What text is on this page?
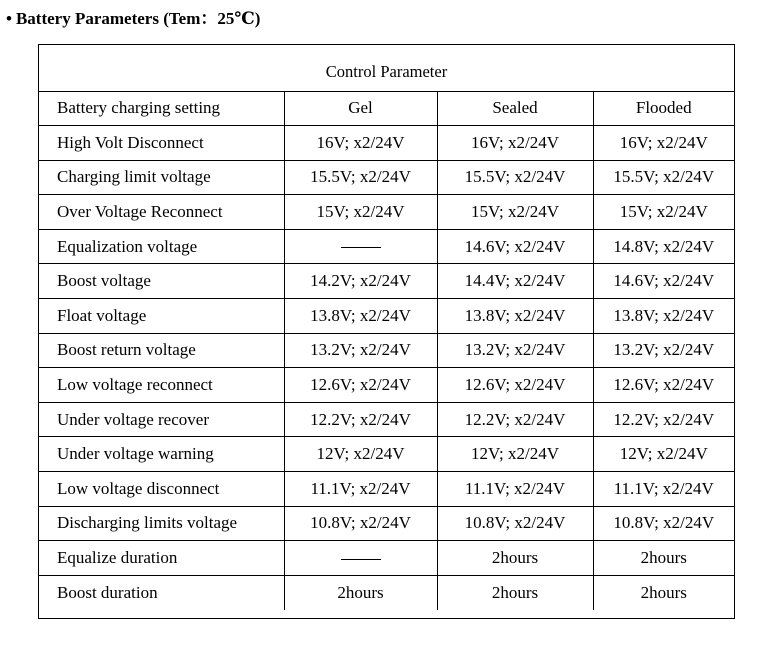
• Battery Parameters (Tem：25℃)
Control Parameter			
Battery charging setting	Gel	Sealed	Flooded
High Volt Disconnect	16V; x2/24V	16V; x2/24V	16V; x2/24V
Charging limit voltage	15.5V; x2/24V	15.5V; x2/24V	15.5V; x2/24V
Over Voltage Reconnect	15V; x2/24V	15V; x2/24V	15V; x2/24V
Equalization voltage		14.6V; x2/24V	14.8V; x2/24V
Boost voltage	14.2V; x2/24V	14.4V; x2/24V	14.6V; x2/24V
Float voltage	13.8V; x2/24V	13.8V; x2/24V	13.8V; x2/24V
Boost return voltage	13.2V; x2/24V	13.2V; x2/24V	13.2V; x2/24V
Low voltage reconnect	12.6V; x2/24V	12.6V; x2/24V	12.6V; x2/24V
Under voltage recover	12.2V; x2/24V	12.2V; x2/24V	12.2V; x2/24V
Under voltage warning	12V; x2/24V	12V; x2/24V	12V; x2/24V
Low voltage disconnect	11.1V; x2/24V	11.1V; x2/24V	11.1V; x2/24V
Discharging limits voltage	10.8V; x2/24V	10.8V; x2/24V	10.8V; x2/24V
Equalize duration		2hours	2hours
Boost duration	2hours	2hours	2hours
